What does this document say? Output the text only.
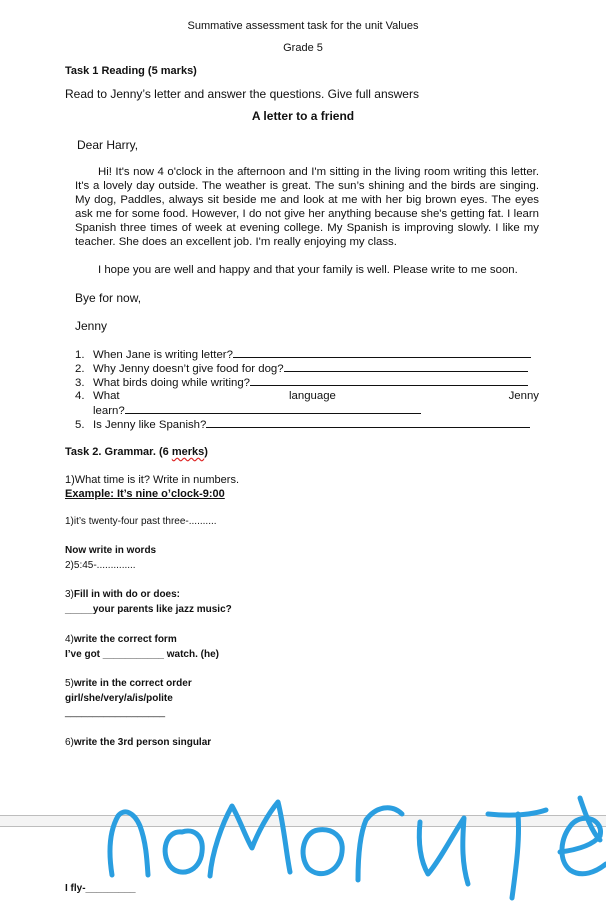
Summative assessment task for the unit Values
Grade 5
Task 1 Reading (5 marks)
Read to Jenny’s letter and answer the questions. Give full answers
A letter to a friend
Dear Harry,
Hi! It's now 4 o'clock in the afternoon and I'm sitting in the living room writing this letter. It's a lovely day outside. The weather is great. The sun’s shining and the birds are singing. My dog, Paddles, always sit beside me and look at me with her big brown eyes. The eyes ask me for some food. However, I do not give her anything because she's getting fat. I learn Spanish three times of week at evening college. My Spanish is improving slowly. I like my teacher. She does an excellent job. I'm really enjoying my class.
I hope you are well and happy and that your family is well. Please write to me soon.
Bye for now,
Jenny
1. When Jane is writing letter?
2. Why Jenny doesn’t give food for dog?
3. What birds doing while writing?
4. What	language	Jenny
learn?
5. Is Jenny like Spanish?
Task 2. Grammar. (6 merks)
1)What time is it? Write in numbers.
Example: It’s nine o’clock-9:00
1)it’s twenty-four past three-..........
Now write in words
2)5:45-..............
3)Fill in with do or does:
_____your parents like jazz music?
4)write the correct form
I’ve got ___________ watch. (he)
5)write in the correct order
girl/she/very/a/is/polite
__________________
6)write the 3rd person singular
I fly-_________
